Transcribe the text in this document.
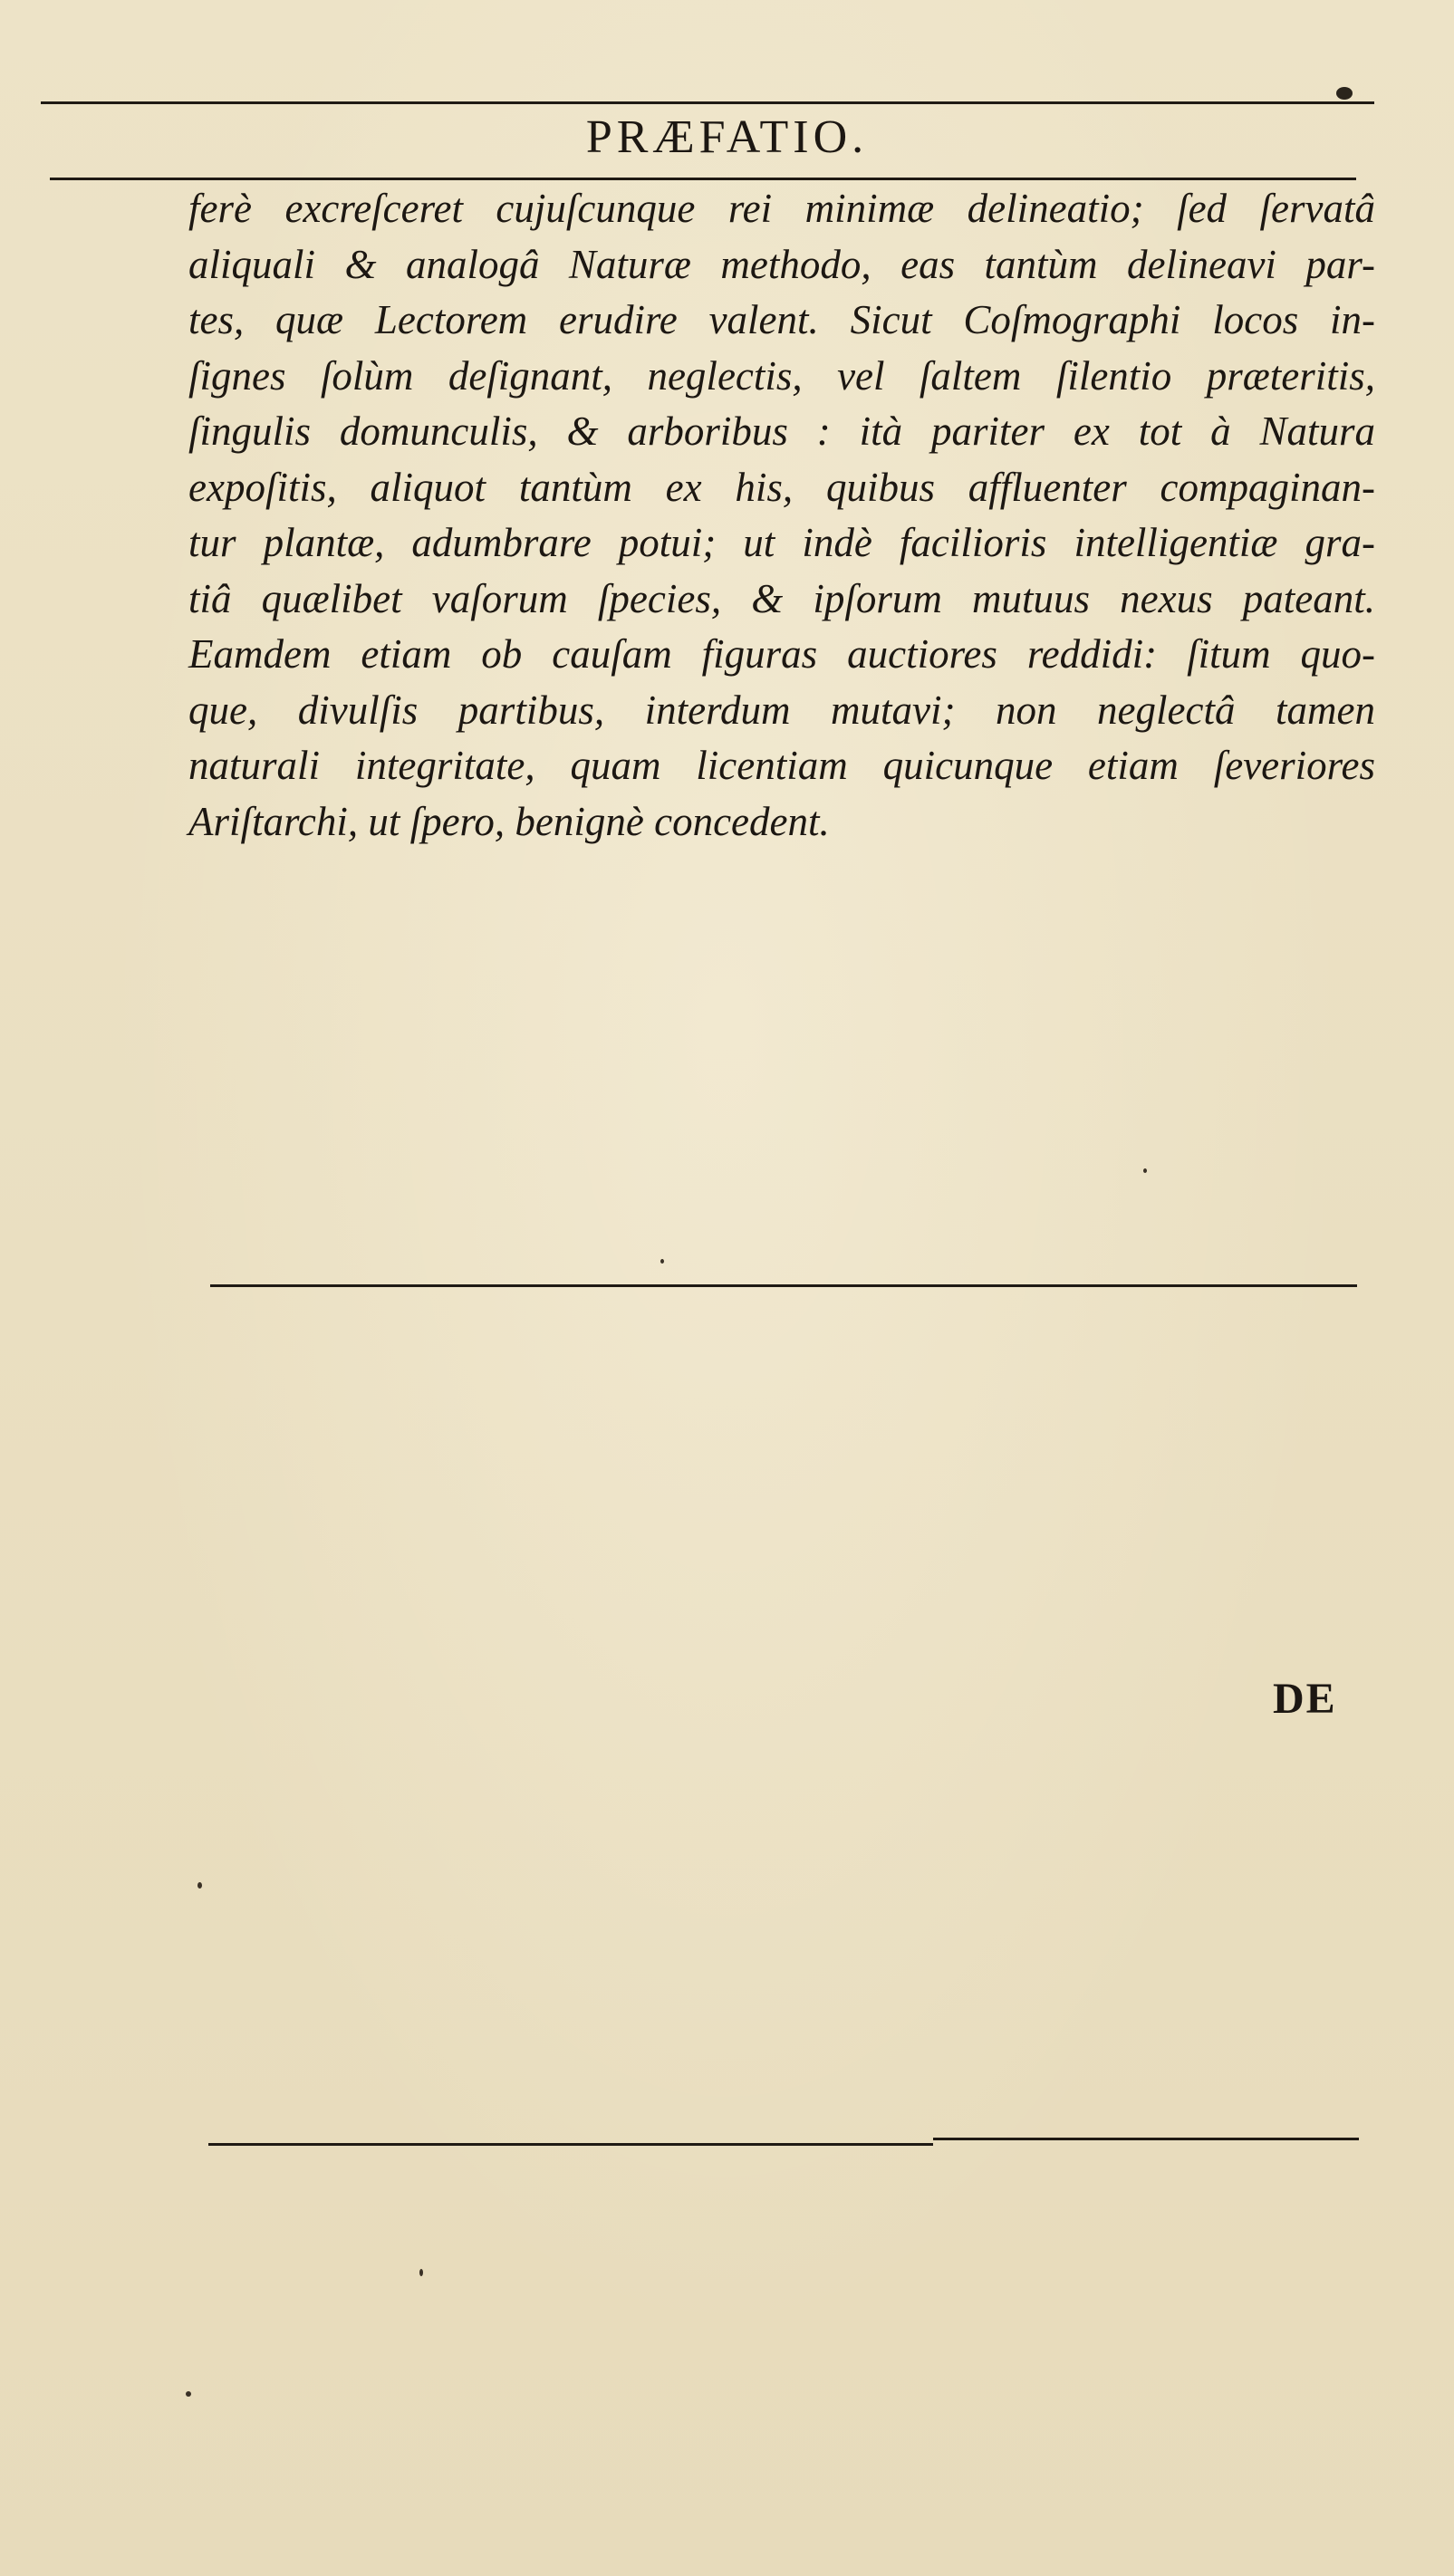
PRÆFATIO.
ferè excreſceret cujuſcunque rei minimæ delineatio; ſed ſervatâ
aliquali & analogâ Naturæ methodo, eas tantùm delineavi par-
tes, quæ Lectorem erudire valent. Sicut Coſmographi locos in-
ſignes ſolùm deſignant, neglectis, vel ſaltem ſilentio præteritis,
ſingulis domunculis, & arboribus : ità pariter ex tot à Natura
expoſitis, aliquot tantùm ex his, quibus affluenter compaginan-
tur plantæ, adumbrare potui; ut indè facilioris intelligentiæ gra-
tiâ quælibet vaſorum ſpecies, & ipſorum mutuus nexus pateant.
Eamdem etiam ob cauſam figuras auctiores reddidi: ſitum quo-
que, divulſis partibus, interdum mutavi; non neglectâ tamen
naturali integritate, quam licentiam quicunque etiam ſeveriores
Ariſtarchi, ut ſpero, benignè concedent.
DE
